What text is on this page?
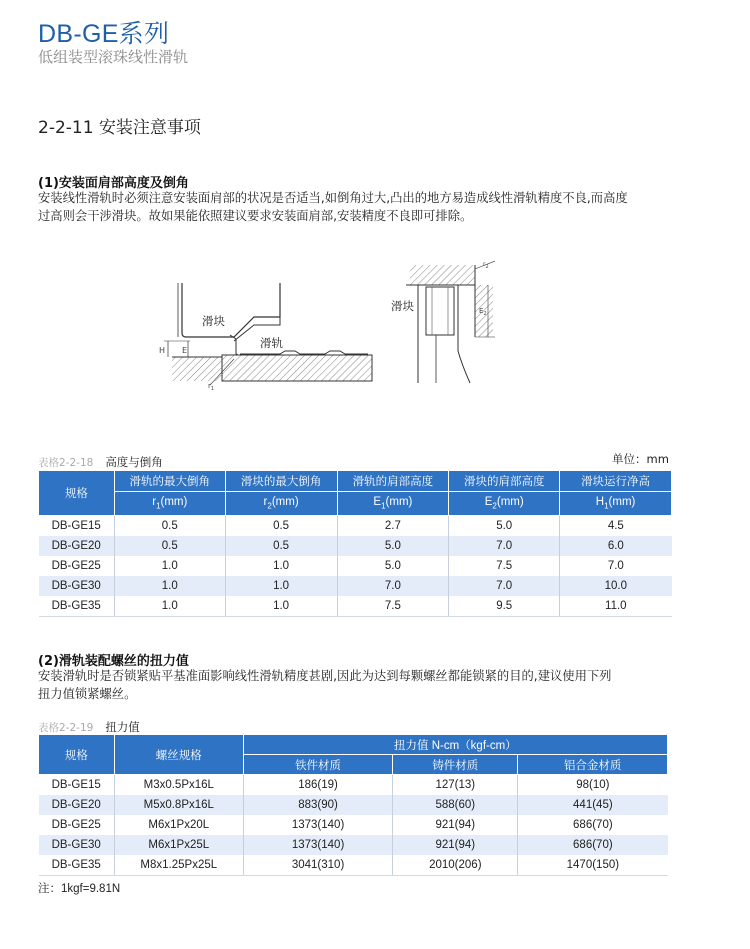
DB-GE系列
低组装型滚珠线性滑轨
2-2-11 安装注意事项
(1)安装面肩部高度及倒角
安装线性滑轨时必须注意安装面肩部的状况是否适当,如倒角过大,凸出的地方易造成线性滑轨精度不良,而高度
过高则会干涉滑块。故如果能依照建议要求安装面肩部,安装精度不良即可排除。
滑块
滑轨
H E
$r_1$
滑块
$r_2$
$E_2$
表格2-2-18 高度与倒角	单位：mm
规格	滑轨的最大倒角	滑块的最大倒角	滑轨的肩部高度	滑块的肩部高度	滑块运行净高
	$r_1(mm)$	$r_2(mm)$	$E_1(mm)$	$E_2(mm)$	$H_1(mm)$
DB-GE15	0.5	0.5	2.7	5.0	4.5
DB-GE20	0.5	0.5	5.0	7.0	6.0
DB-GE25	1.0	1.0	5.0	7.5	7.0
DB-GE30	1.0	1.0	7.0	7.0	10.0
DB-GE35	1.0	1.0	7.5	9.5	11.0
(2)滑轨装配螺丝的扭力值
安装滑轨时是否锁紧贴平基准面影响线性滑轨精度甚剧,因此为达到每颗螺丝都能锁紧的目的,建议使用下列
扭力值锁紧螺丝。
表格2-2-19 扭力值
规格	螺丝规格	扭力值 N-cm（kgf-cm）		
		铁件材质	铸件材质	铝合金材质
DB-GE15	M3x0.5Px16L	186(19)	127(13)	98(10)
DB-GE20	M5x0.8Px16L	883(90)	588(60)	441(45)
DB-GE25	M6x1Px20L	1373(140)	921(94)	686(70)
DB-GE30	M6x1Px25L	1373(140)	921(94)	686(70)
DB-GE35	M8x1.25Px25L	3041(310)	2010(206)	1470(150)
注：1kgf=9.81N
